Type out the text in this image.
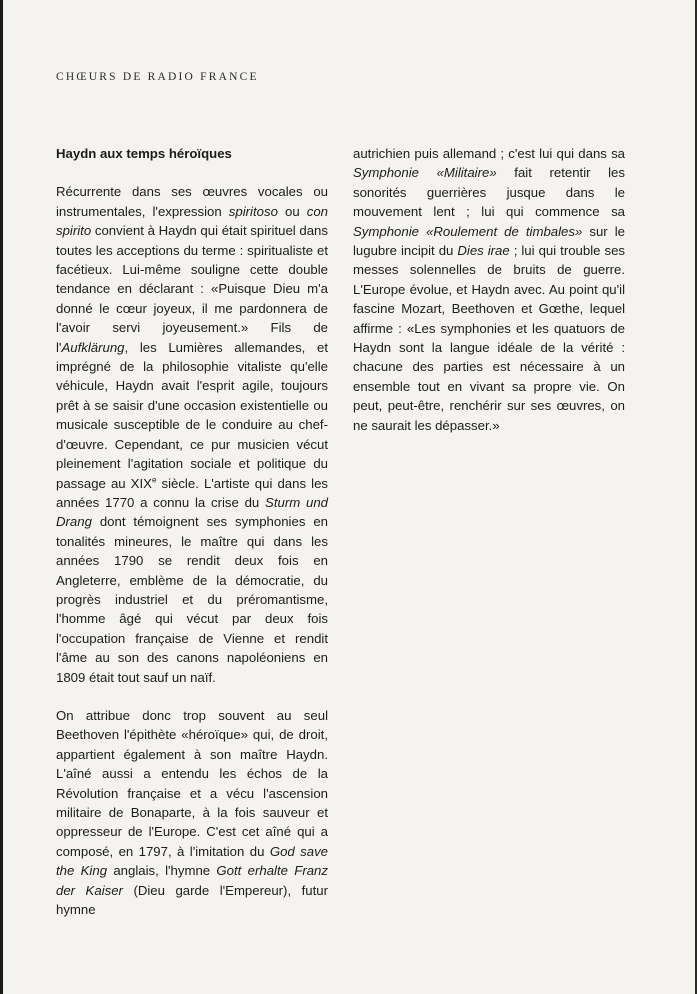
CHŒURS DE RADIO FRANCE
Haydn aux temps héroïques

Récurrente dans ses œuvres vocales ou instrumentales, l'expression spiritoso ou con spirito convient à Haydn qui était spirituel dans toutes les acceptions du terme : spiritualiste et facétieux. Lui-même souligne cette double tendance en déclarant : «Puisque Dieu m'a donné le cœur joyeux, il me pardonnera de l'avoir servi joyeusement.» Fils de l'Aufklärung, les Lumières allemandes, et imprégné de la philosophie vitaliste qu'elle véhicule, Haydn avait l'esprit agile, toujours prêt à se saisir d'une occasion existentielle ou musicale susceptible de le conduire au chef-d'œuvre. Cependant, ce pur musicien vécut pleinement l'agitation sociale et politique du passage au XIXe siècle. L'artiste qui dans les années 1770 a connu la crise du Sturm und Drang dont témoignent ses symphonies en tonalités mineures, le maître qui dans les années 1790 se rendit deux fois en Angleterre, emblème de la démocratie, du progrès industriel et du préromantisme, l'homme âgé qui vécut par deux fois l'occupation française de Vienne et rendit l'âme au son des canons napoléoniens en 1809 était tout sauf un naïf.

On attribue donc trop souvent au seul Beethoven l'épithète «héroïque» qui, de droit, appartient également à son maître Haydn. L'aîné aussi a entendu les échos de la Révolution française et a vécu l'ascension militaire de Bonaparte, à la fois sauveur et oppresseur de l'Europe. C'est cet aîné qui a composé, en 1797, à l'imitation du God save the King anglais, l'hymne Gott erhalte Franz der Kaiser (Dieu garde l'Empereur), futur hymne

autrichien puis allemand ; c'est lui qui dans sa Symphonie «Militaire» fait retentir les sonorités guerrières jusque dans le mouvement lent ; lui qui commence sa Symphonie «Roulement de timbales» sur le lugubre incipit du Dies irae ; lui qui trouble ses messes solennelles de bruits de guerre. L'Europe évolue, et Haydn avec. Au point qu'il fascine Mozart, Beethoven et Gœthe, lequel affirme : «Les symphonies et les quatuors de Haydn sont la langue idéale de la vérité : chacune des parties est nécessaire à un ensemble tout en vivant sa propre vie. On peut, peut-être, renchérir sur ses œuvres, on ne saurait les dépasser.»
